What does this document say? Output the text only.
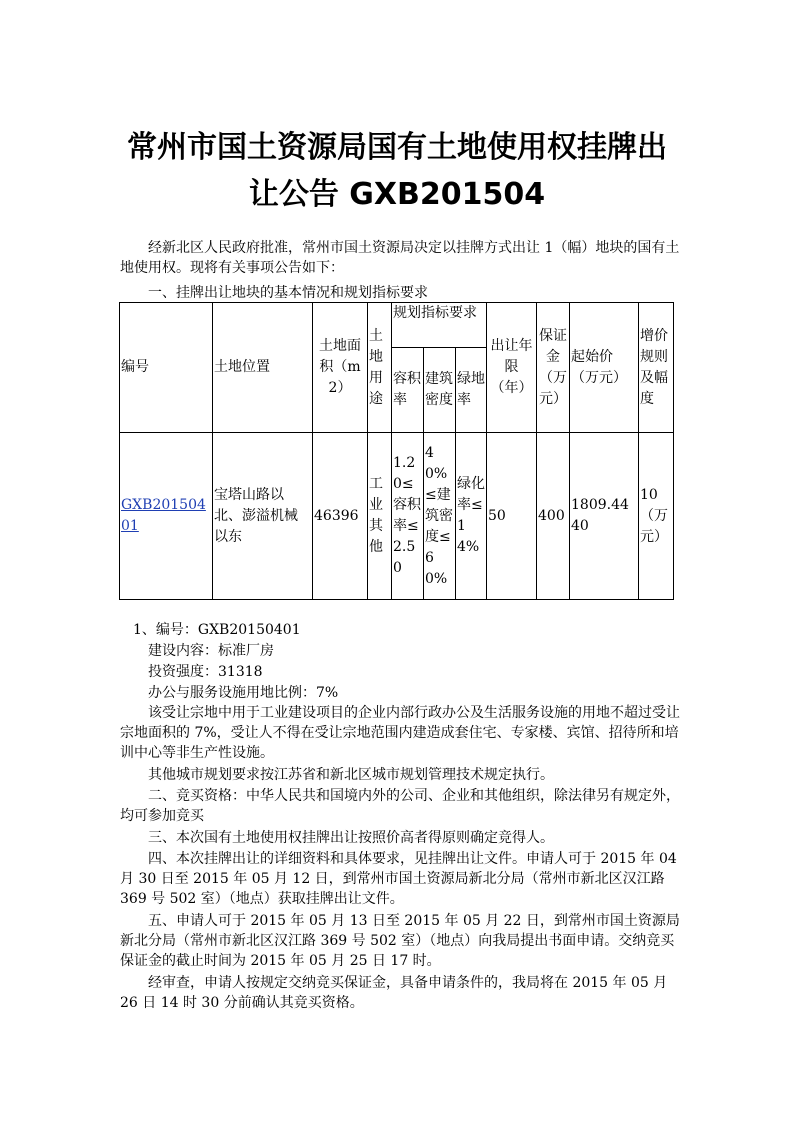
常州市国土资源局国有土地使用权挂牌出
让公告 GXB201504
经新北区人民政府批准，常州市国土资源局决定以挂牌方式出让 1（幅）地块的国有土地使用权。现将有关事项公告如下：
一、挂牌出让地块的基本情况和规划指标要求
编号	土地位置	土地面积（m2）	土地用途	规划指标要求			出让年限（年）	保证金（万元）	起始价（万元）	增价规则及幅度
				容积率	建筑密度	绿地率				
GXB20150401	宝塔山路以北、澎溢机械以东	46396	工业其他	1.20≤容积率≤2.50	40%≤建筑密度≤60%	绿化率≤14%	50	400	1809.4440	10（万元）
1、编号：GXB20150401
建设内容：标准厂房
投资强度：31318
办公与服务设施用地比例：7%
该受让宗地中用于工业建设项目的企业内部行政办公及生活服务设施的用地不超过受让宗地面积的 7%，受让人不得在受让宗地范围内建造成套住宅、专家楼、宾馆、招待所和培训中心等非生产性设施。
其他城市规划要求按江苏省和新北区城市规划管理技术规定执行。
二、竞买资格：中华人民共和国境内外的公司、企业和其他组织，除法律另有规定外，均可参加竞买
三、本次国有土地使用权挂牌出让按照价高者得原则确定竞得人。
四、本次挂牌出让的详细资料和具体要求，见挂牌出让文件。申请人可于 2015 年 04 月 30 日至 2015 年 05 月 12 日，到常州市国土资源局新北分局（常州市新北区汉江路 369 号 502 室）（地点）获取挂牌出让文件。
五、申请人可于 2015 年 05 月 13 日至 2015 年 05 月 22 日，到常州市国土资源局新北分局（常州市新北区汉江路 369 号 502 室）（地点）向我局提出书面申请。交纳竞买保证金的截止时间为 2015 年 05 月 25 日 17 时。
经审查，申请人按规定交纳竞买保证金，具备申请条件的，我局将在 2015 年 05 月 26 日 14 时 30 分前确认其竞买资格。
